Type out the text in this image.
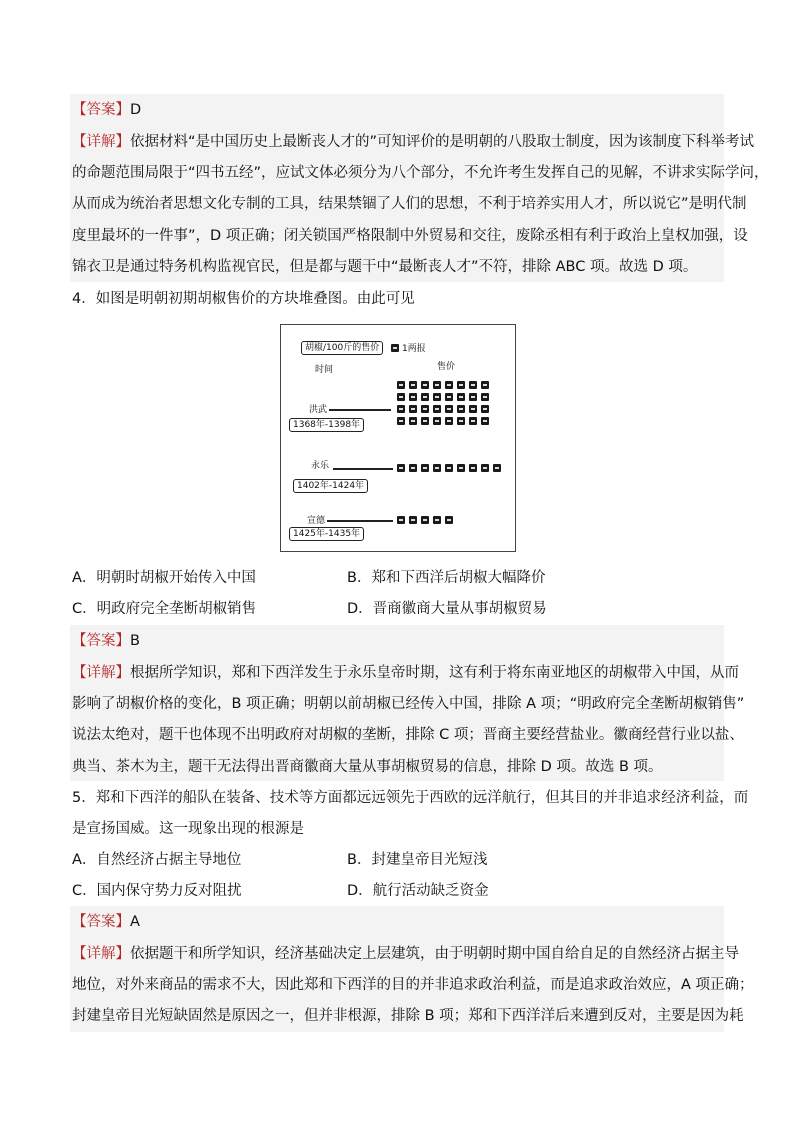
【答案】D
【详解】依据材料“是中国历史上最断丧人才的”可知评价的是明朝的八股取士制度，因为该制度下科举考试
的命题范围局限于“四书五经”，应试文体必须分为八个部分，不允许考生发挥自己的见解，不讲求实际学问，
从而成为统治者思想文化专制的工具，结果禁锢了人们的思想，不利于培养实用人才，所以说它”是明代制
度里最坏的一件事”，D 项正确；闭关锁国严格限制中外贸易和交往，废除丞相有利于政治上皇权加强，设
锦衣卫是通过特务机构监视官民，但是都与题干中“最断丧人才”不符，排除 ABC 项。故选 D 项。
4．如图是明朝初期胡椒售价的方块堆叠图。由此可见
胡椒/100斤的售价	1两报
时间	售价
洪武
1368年-1398年
永乐
1402年-1424年
宣德
1425年-1435年
A．明朝时胡椒开始传入中国	B．郑和下西洋后胡椒大幅降价
C．明政府完全垄断胡椒销售	D．晋商徽商大量从事胡椒贸易
【答案】B
【详解】根据所学知识，郑和下西洋发生于永乐皇帝时期，这有利于将东南亚地区的胡椒带入中国，从而
影响了胡椒价格的变化，B 项正确；明朝以前胡椒已经传入中国，排除 A 项；“明政府完全垄断胡椒销售”
说法太绝对，题干也体现不出明政府对胡椒的垄断，排除 C 项；晋商主要经营盐业。徽商经营行业以盐、
典当、茶木为主，题干无法得出晋商徽商大量从事胡椒贸易的信息，排除 D 项。故选 B 项。
5．郑和下西洋的船队在装备、技术等方面都远远领先于西欧的远洋航行，但其目的并非追求经济利益，而
是宣扬国威。这一现象出现的根源是
A．自然经济占据主导地位	B．封建皇帝目光短浅
C．国内保守势力反对阻扰	D．航行活动缺乏资金
【答案】A
【详解】依据题干和所学知识，经济基础决定上层建筑，由于明朝时期中国自给自足的自然经济占据主导
地位，对外来商品的需求不大，因此郑和下西洋的目的并非追求政治利益，而是追求政治效应，A 项正确；
封建皇帝目光短缺固然是原因之一，但并非根源，排除 B 项；郑和下西洋洋后来遭到反对，主要是因为耗
